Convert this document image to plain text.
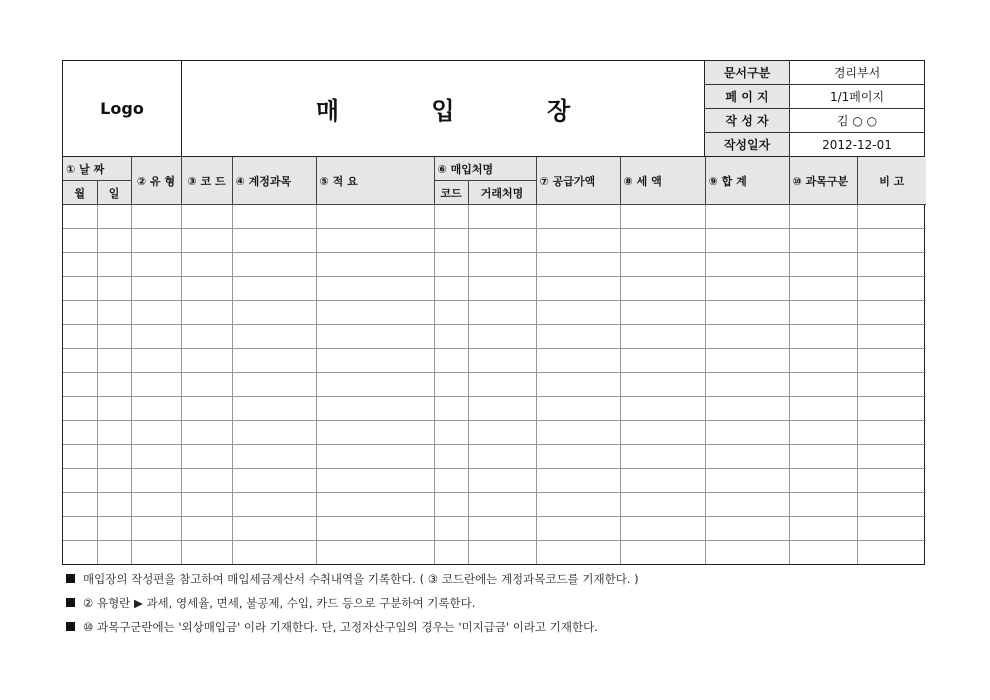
Logo	매 입 장
문서구분	경리부서
페 이 지	1/1페이지
작 성 자	김 ○ ○
작성일자	2012-12-01
① 날 짜		② 유 형	③ 코 드	④ 계정과목	⑤ 적 요	⑥ 매입처명		⑦ 공급가액	⑧ 세 액	⑨ 합 계	⑩ 과목구분	비 고
월	일					코드	거래처명					

매입장의 작성편을 참고하여 매입세금계산서 수취내역을 기록한다. ( ③ 코드란에는 계정과목코드를 기재한다. )
② 유형란 ▶ 과세, 영세율, 면세, 불공제, 수입, 카드 등으로 구분하여 기록한다.
⑩ 과목구군란에는 '외상매입금' 이라 기재한다. 단, 고정자산구입의 경우는 '미지급금' 이라고 기재한다.
